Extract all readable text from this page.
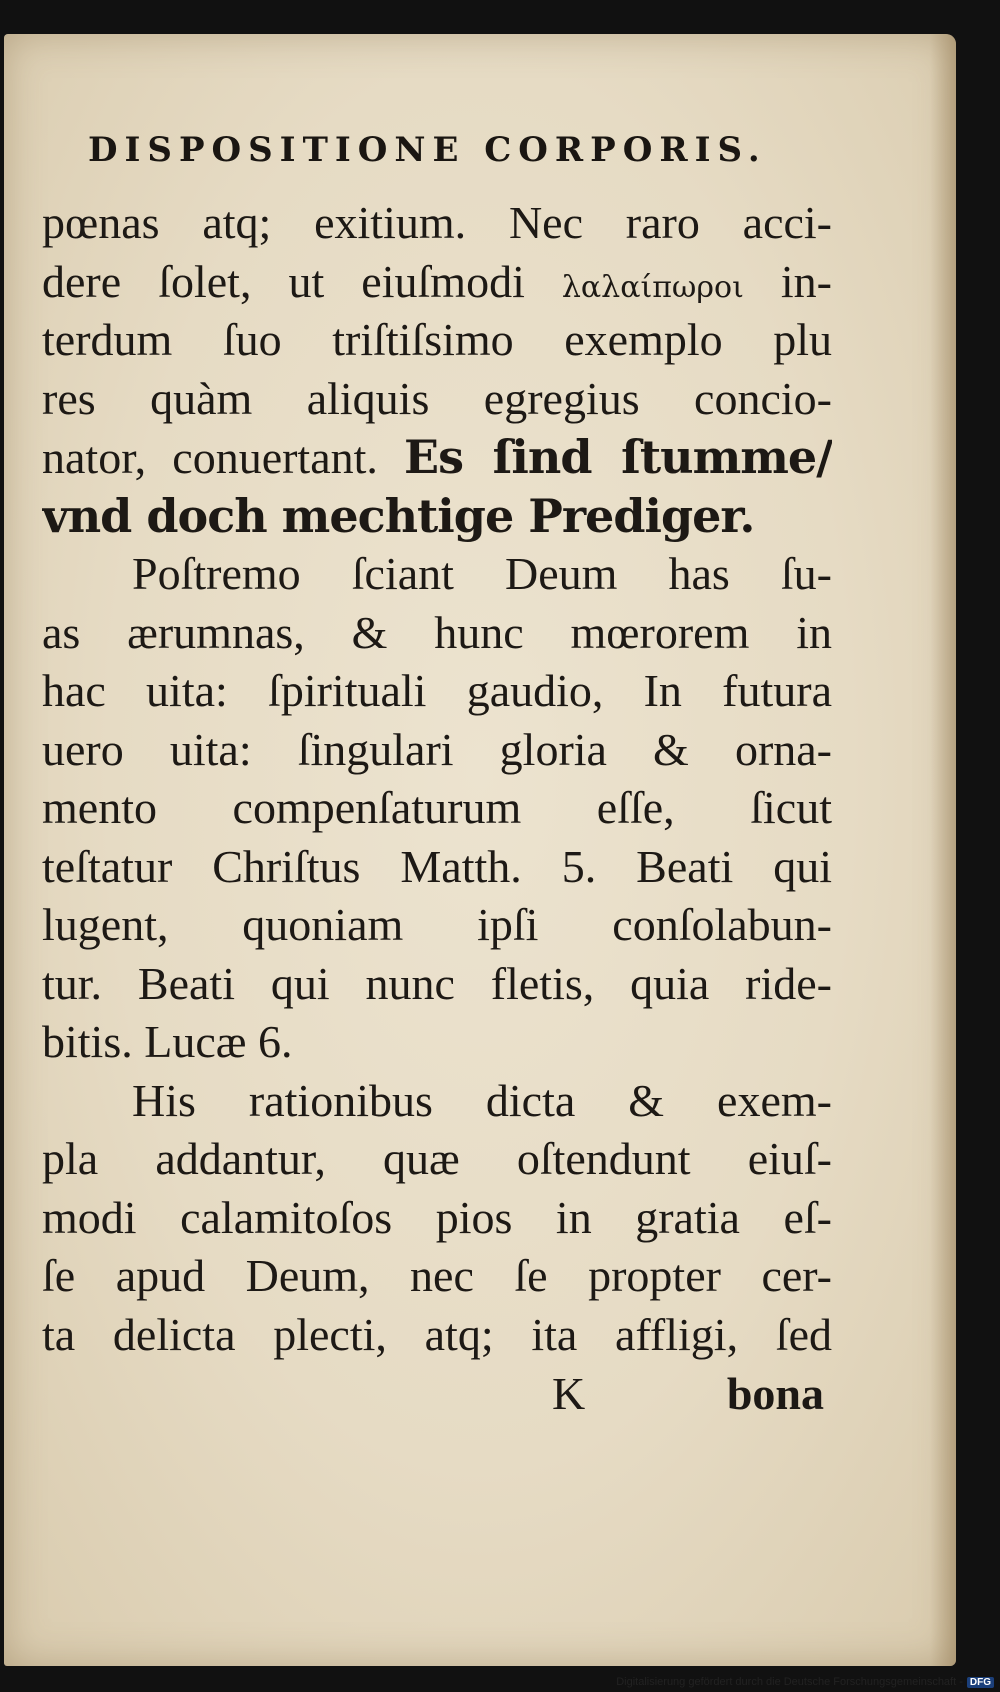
DISPOSITIONE CORPORIS.
pœnas atq; exitium. Nec raro acci-
dere ſolet, ut eiuſmodi λαλαίπωροι in-
terdum ſuo triſtiſsimo exemplo plu
res quàm aliquis egregius concio-
nator, conuertant. Es ſind ſtumme/
vnd doch mechtige Prediger.
Poſtremo ſciant Deum has ſu-
as ærumnas, & hunc mœrorem in
hac uita: ſpirituali gaudio, In futura
uero uita: ſingulari gloria & orna-
mento compenſaturum eſſe, ſicut
teſtatur Chriſtus Matth. 5. Beati qui
lugent, quoniam ipſi conſolabun-
tur. Beati qui nunc fletis, quia ride-
bitis. Lucæ 6.
His rationibus dicta & exem-
pla addantur, quæ oſtendunt eiuſ-
modi calamitoſos pios in gratia eſ-
ſe apud Deum, nec ſe propter cer-
ta delicta plecti, atq; ita affligi, ſed
K	bona
Digitalisierung gefördert durch die Deutsche Forschungsgemeinschaft - DFG
